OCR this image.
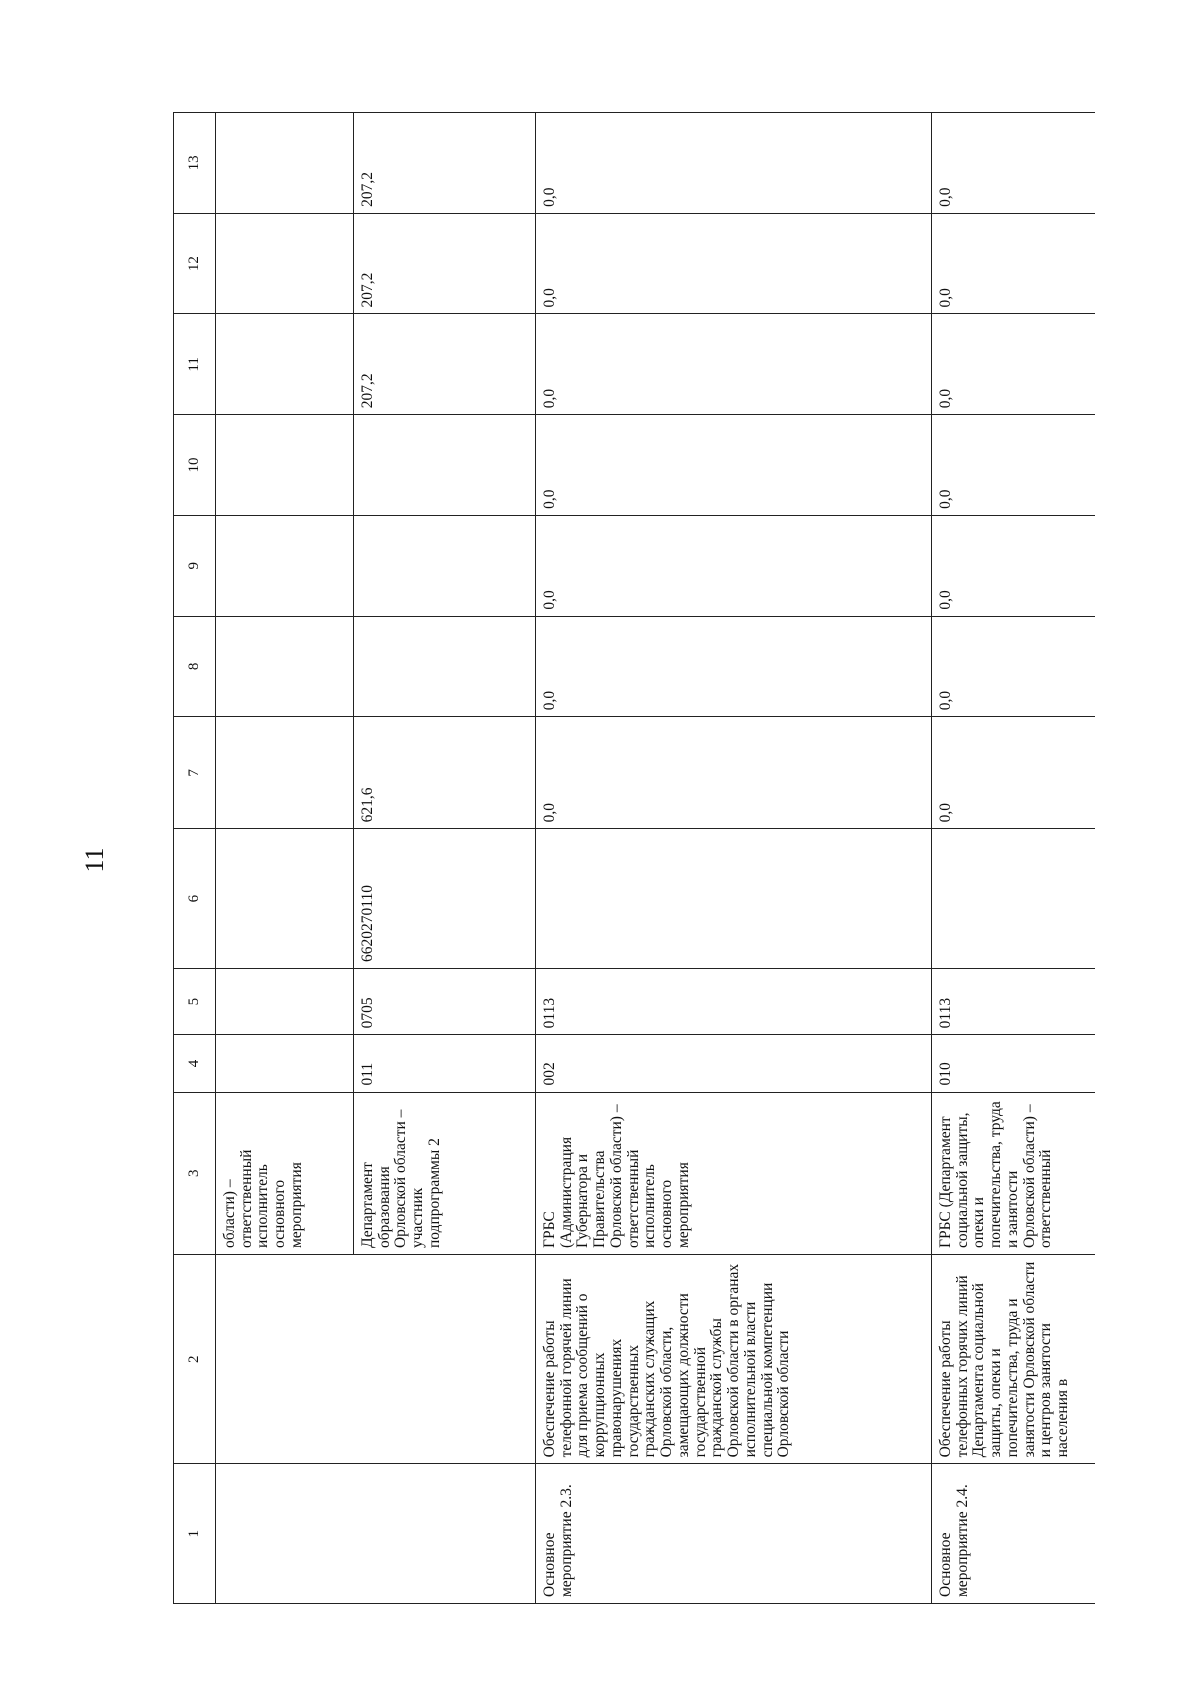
11
1	2	3	4	5	6	7	8	9	10	11	12	13
		области) – ответственный исполнитель основного мероприятия										
		Департамент образования Орловской области – участник подпрограммы 2	011	0705	6620270110	621,6				207,2	207,2	207,2
Основное мероприятие 2.3.	Обеспечение работы телефонной горячей линии для приема сообщений о коррупционных правонарушениях государственных гражданских служащих Орловской области, замещающих должности государственной гражданской службы Орловской области в органах исполнительной власти специальной компетенции Орловской области	ГРБС (Администрация Губернатора и Правительства Орловской области) – ответственный исполнитель основного мероприятия	002	0113		0,0	0,0	0,0	0,0	0,0	0,0	0,0
Основное мероприятие 2.4.	Обеспечение работы телефонных горячих линий Департамента социальной защиты, опеки и попечительства, труда и занятости Орловской области и центров занятости населения в	ГРБС (Департамент социальной защиты, опеки и попечительства, труда и занятости Орловской области) – ответственный	010	0113		0,0	0,0	0,0	0,0	0,0	0,0	0,0
